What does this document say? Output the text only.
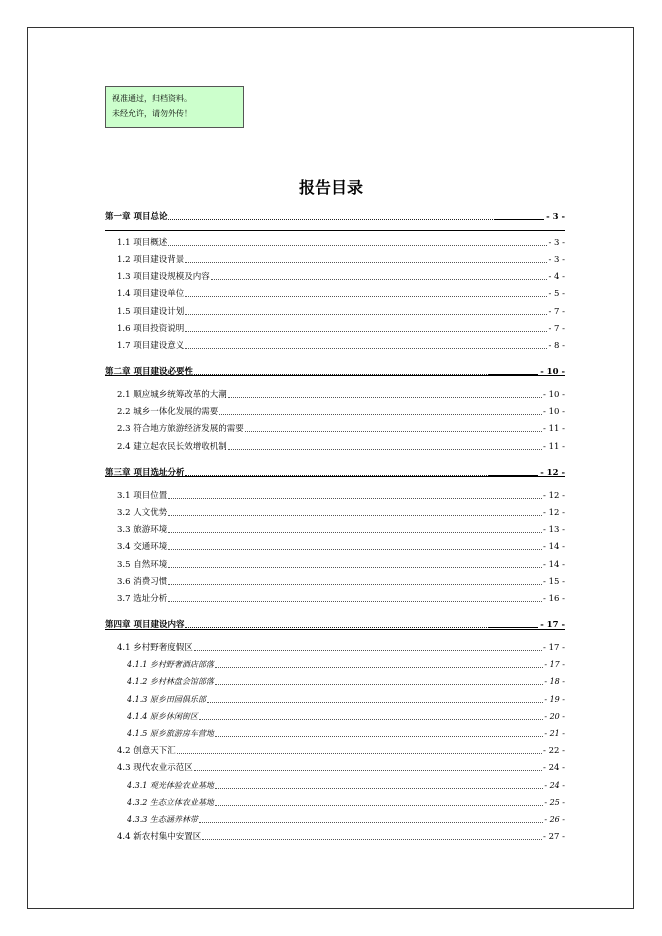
视准通过，归档资料。
未经允许，请勿外传！
报告目录
第一章 项目总论	- 3 -
1.1 项目概述	- 3 -
1.2 项目建设背景	- 3 -
1.3 项目建设规模及内容	- 4 -
1.4 项目建设单位	- 5 -
1.5 项目建设计划	- 7 -
1.6 项目投资说明	- 7 -
1.7 项目建设意义	- 8 -
第二章 项目建设必要性	- 10 -
2.1 顺应城乡统筹改革的大潮	- 10 -
2.2 城乡一体化发展的需要	- 10 -
2.3 符合地方旅游经济发展的需要	- 11 -
2.4 建立起农民长效增收机制	- 11 -
第三章 项目选址分析	- 12 -
3.1 项目位置	- 12 -
3.2 人文优势	- 12 -
3.3 旅游环境	- 13 -
3.4 交通环境	- 14 -
3.5 自然环境	- 14 -
3.6 消费习惯	- 15 -
3.7 选址分析	- 16 -
第四章 项目建设内容	- 17 -
4.1 乡村野奢度假区	- 17 -
4.1.1 乡村野奢酒店部落	- 17 -
4.1.2 乡村林盘会馆部落	- 18 -
4.1.3 原乡田园俱乐部	- 19 -
4.1.4 原乡休闲街区	- 20 -
4.1.5 原乡旅游房车营地	- 21 -
4.2 创意天下汇	- 22 -
4.3 现代农业示范区	- 24 -
4.3.1 观光体验农业基地	- 24 -
4.3.2 生态立体农业基地	- 25 -
4.3.3 生态涵养林带	- 26 -
4.4 新农村集中安置区	- 27 -
